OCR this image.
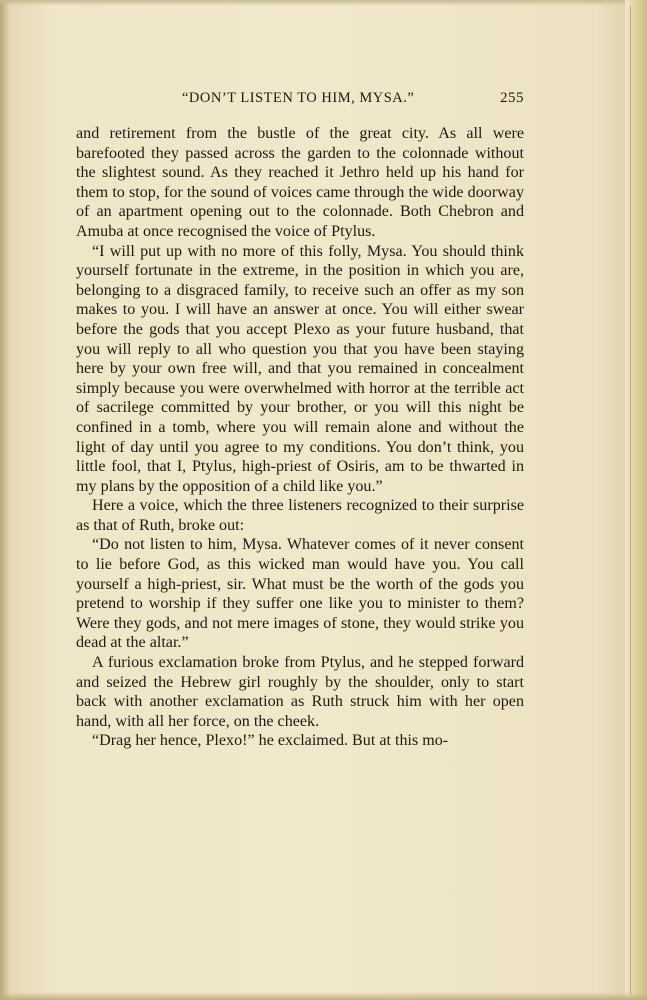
“DON’T LISTEN TO HIM, MYSA.”	255

and retirement from the bustle of the great city. As all were barefooted they passed across the garden to the colonnade without the slightest sound. As they reached it Jethro held up his hand for them to stop, for the sound of voices came through the wide doorway of an apartment opening out to the colonnade. Both Chebron and Amuba at once recognised the voice of Ptylus.

“I will put up with no more of this folly, Mysa. You should think yourself fortunate in the extreme, in the position in which you are, belonging to a disgraced family, to receive such an offer as my son makes to you. I will have an answer at once. You will either swear before the gods that you accept Plexo as your future husband, that you will reply to all who question you that you have been staying here by your own free will, and that you remained in concealment simply because you were overwhelmed with horror at the terrible act of sacrilege committed by your brother, or you will this night be confined in a tomb, where you will remain alone and without the light of day until you agree to my conditions. You don’t think, you little fool, that I, Ptylus, high-priest of Osiris, am to be thwarted in my plans by the opposition of a child like you.”

Here a voice, which the three listeners recognized to their surprise as that of Ruth, broke out:

“Do not listen to him, Mysa. Whatever comes of it never consent to lie before God, as this wicked man would have you. You call yourself a high-priest, sir. What must be the worth of the gods you pretend to worship if they suffer one like you to minister to them? Were they gods, and not mere images of stone, they would strike you dead at the altar.”

A furious exclamation broke from Ptylus, and he stepped forward and seized the Hebrew girl roughly by the shoulder, only to start back with another exclamation as Ruth struck him with her open hand, with all her force, on the cheek.

“Drag her hence, Plexo!” he exclaimed. But at this mo-
